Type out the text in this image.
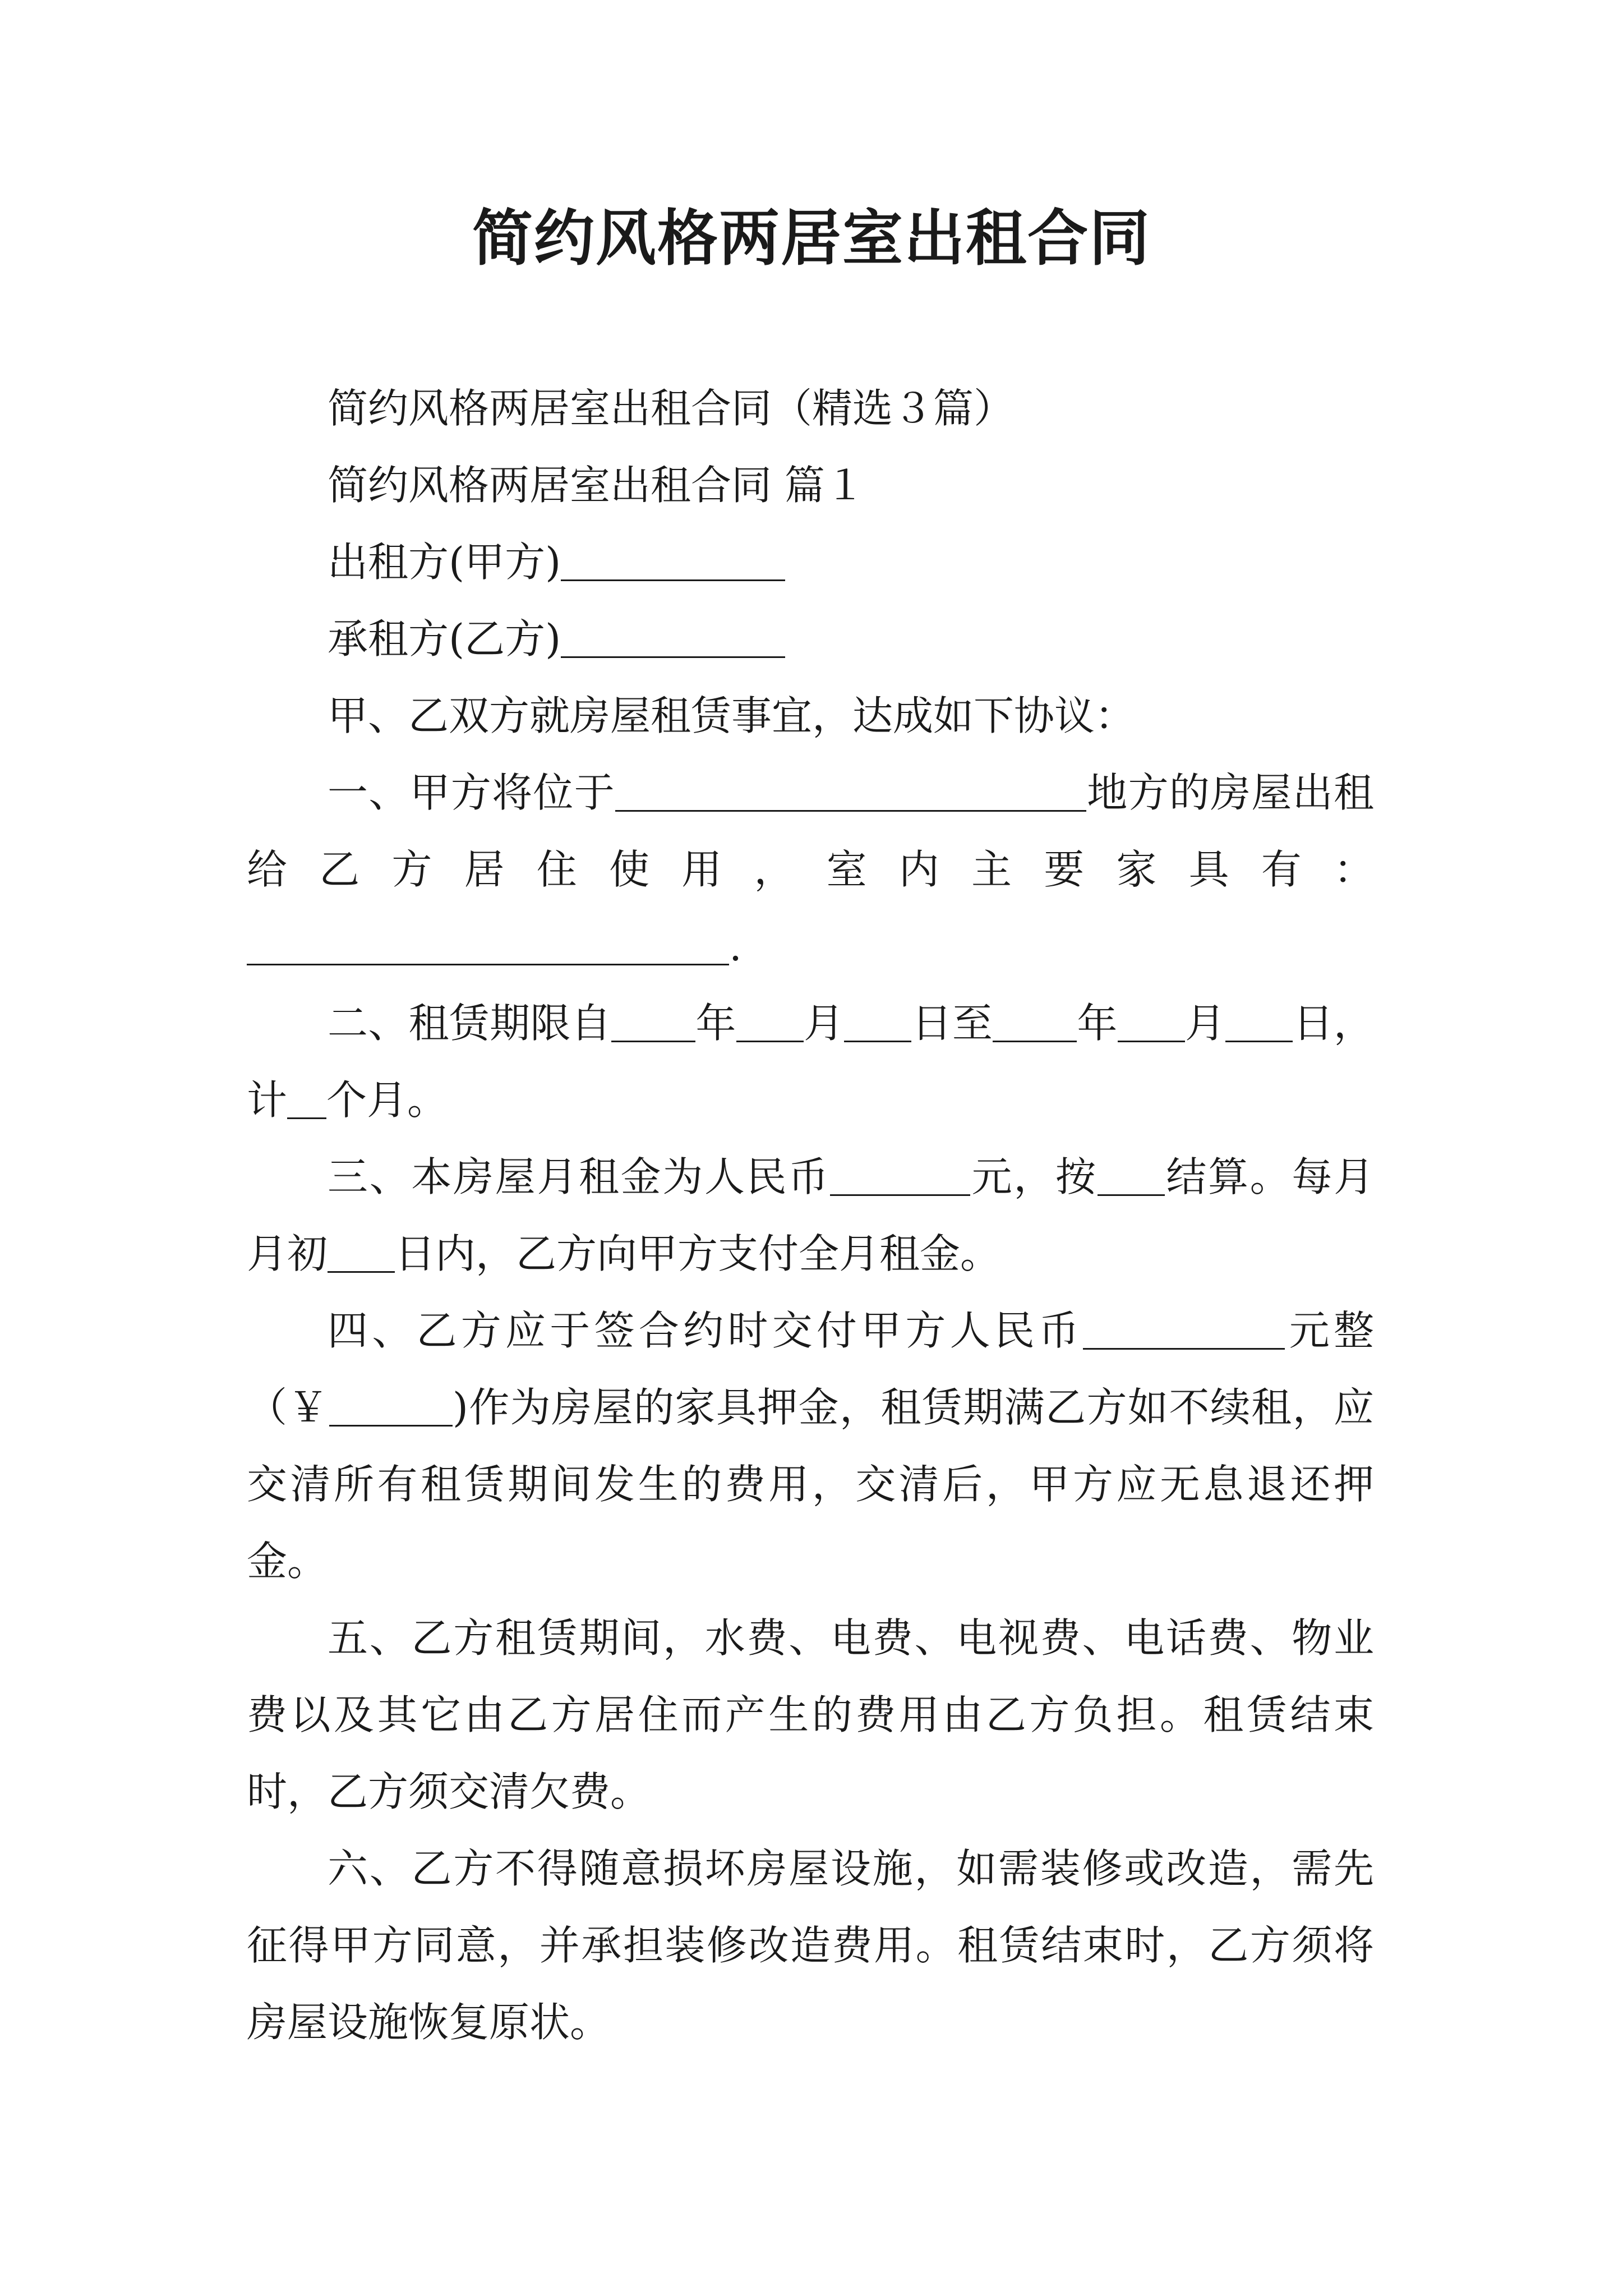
简约风格两居室出租合同

简约风格两居室出租合同（精选３篇）

简约风格两居室出租合同 篇１

出租方(甲方)

承租方(乙方)

甲、乙双方就房屋租赁事宜，达成如下协议：

一、甲方将位于	地方的房屋出租给乙方居住使用，室内主要家具有：.

二、租赁期限自 年 月 日至 年 月 日，计 个月。

三、本房屋月租金为人民币	元，按 结算。每月月初 日内，乙方向甲方支付全月租金。

四、乙方应于签合约时交付甲方人民币	元整（￥	)作为房屋的家具押金，租赁期满乙方如不续租，应交清所有租赁期间发生的费用，交清后，甲方应无息退还押金。

五、乙方租赁期间，水费、电费、电视费、电话费、物业费以及其它由乙方居住而产生的费用由乙方负担。租赁结束时，乙方须交清欠费。

六、乙方不得随意损坏房屋设施，如需装修或改造，需先征得甲方同意，并承担装修改造费用。租赁结束时，乙方须将房屋设施恢复原状。
